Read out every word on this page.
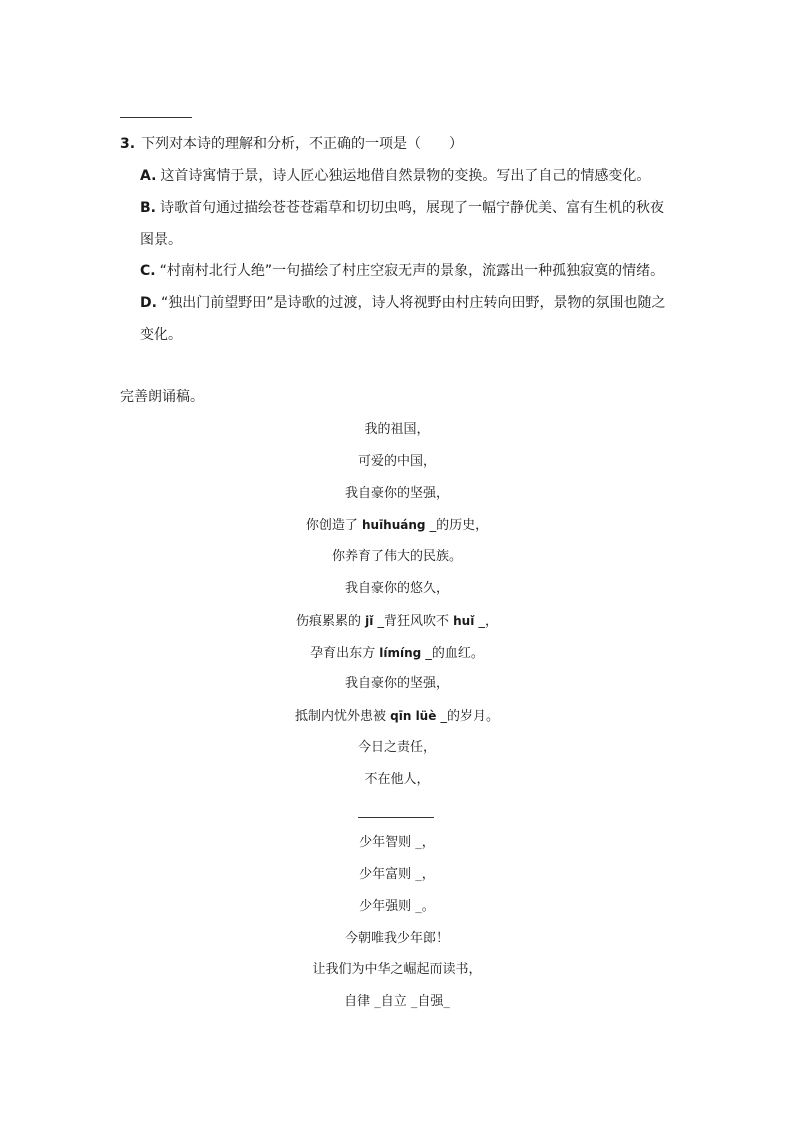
3. 下列对本诗的理解和分析，不正确的一项是（　　）
A. 这首诗寓情于景，诗人匠心独运地借自然景物的变换。写出了自己的情感变化。
B. 诗歌首句通过描绘苍苍苍霜草和切切虫鸣，展现了一幅宁静优美、富有生机的秋夜
图景。
C. “村南村北行人绝”一句描绘了村庄空寂无声的景象，流露出一种孤独寂寞的情绪。
D. “独出门前望野田”是诗歌的过渡，诗人将视野由村庄转向田野，景物的氛围也随之
变化。
完善朗诵稿。
我的祖国，
可爱的中国，
我自豪你的坚强，
你创造了 huīhuáng _的历史，
你养育了伟大的民族。
我自豪你的悠久，
伤痕累累的 jǐ _背狂风吹不 huǐ _，
孕育出东方 límíng _的血红。
我自豪你的坚强，
抵制内忧外患被 qīn lüè _的岁月。
今日之责任，
不在他人，
少年智则 _，
少年富则 _，
少年强则 _。
今朝唯我少年郎！
让我们为中华之崛起而读书，
自律 _自立 _自强_
